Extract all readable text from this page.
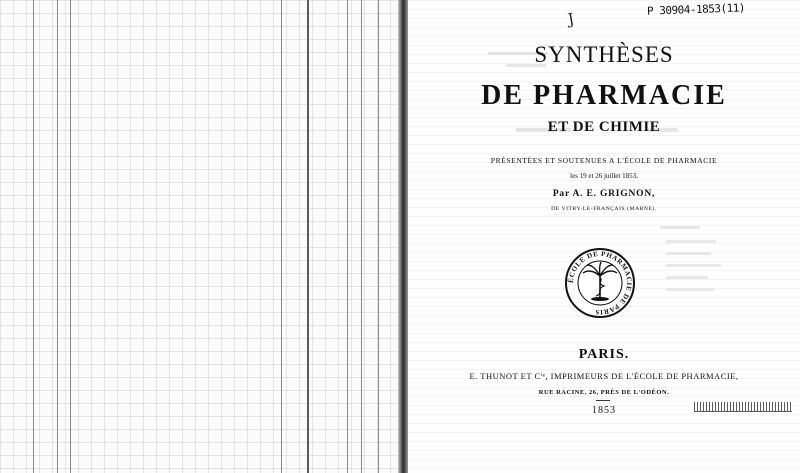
J
P 30904-1853(11)
SYNTHÈSES
DE PHARMACIE
ET DE CHIMIE
PRÉSENTÉES ET SOUTENUES A L'ÉCOLE DE PHARMACIE
les 19 et 26 juillet 1853,
Par A. E. GRIGNON,
DE VITRY-LE-FRANÇAIS (MARNE).
ÉCOLE DE PHARMACIE DE PARIS
PARIS.
E. THUNOT ET Cⁱᵉ, IMPRIMEURS DE L'ÉCOLE DE PHARMACIE,
RUE RACINE, 26, PRÈS DE L'ODÉON.
1853
